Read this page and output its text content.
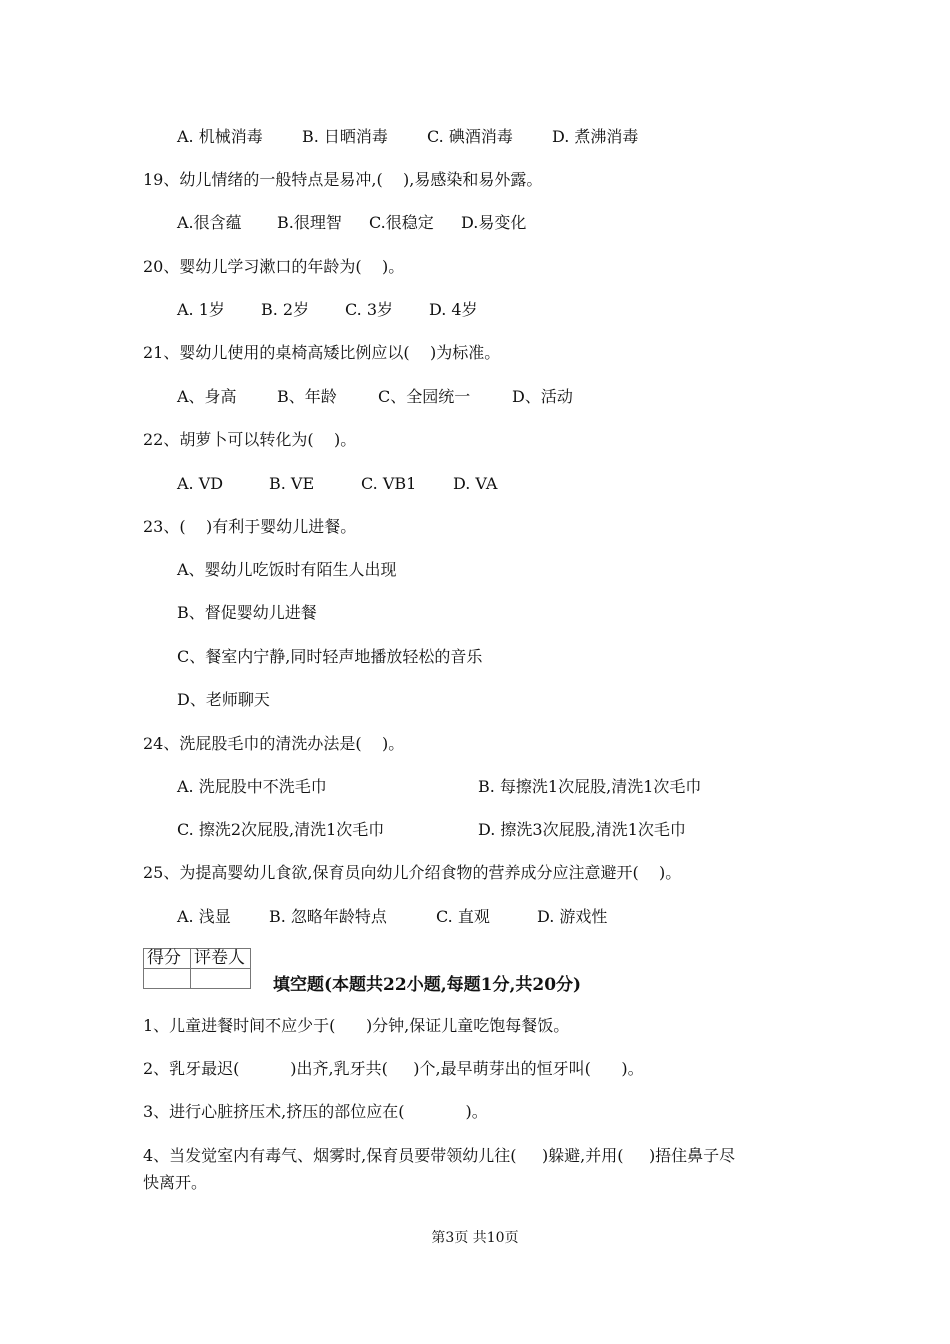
A. 机械消毒 B. 日晒消毒 C. 碘酒消毒 D. 煮沸消毒
19、幼儿情绪的一般特点是易冲,(    ),易感染和易外露。
A.很含蕴 B.很理智 C.很稳定 D.易变化
20、婴幼儿学习漱口的年龄为(    )。
A. 1岁 B. 2岁 C. 3岁 D. 4岁
21、婴幼儿使用的桌椅高矮比例应以(    )为标准。
A、身高	B、年龄	C、全园统一	D、活动
22、胡萝卜可以转化为(    )。
A. VD	B. VE	C. VB1 D. VA
23、(    )有利于婴幼儿进餐。
A、婴幼儿吃饭时有陌生人出现
B、督促婴幼儿进餐
C、餐室内宁静,同时轻声地播放轻松的音乐
D、老师聊天
24、洗屁股毛巾的清洗办法是(    )。
A. 洗屁股中不洗毛巾	B. 每擦洗1次屁股,清洗1次毛巾
C. 擦洗2次屁股,清洗1次毛巾	D. 擦洗3次屁股,清洗1次毛巾
25、为提高婴幼儿食欲,保育员向幼儿介绍食物的营养成分应注意避开(    )。
A. 浅显 B. 忽略年龄特点	C. 直观	D. 游戏性
得分	评卷人

填空题(本题共22小题,每题1分,共20分)
1、儿童进餐时间不应少于(      )分钟,保证儿童吃饱每餐饭。
2、乳牙最迟(          )出齐,乳牙共(     )个,最早萌芽出的恒牙叫(      )。
3、进行心脏挤压术,挤压的部位应在(            )。
4、当发觉室内有毒气、烟雾时,保育员要带领幼儿往(     )躲避,并用(     )捂住鼻子尽
快离开。
第3页 共10页
